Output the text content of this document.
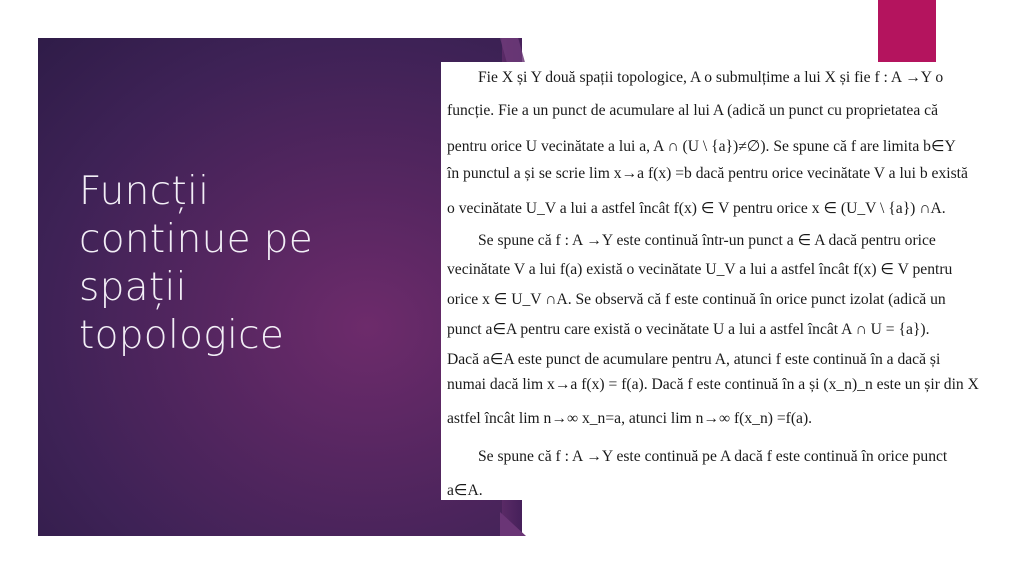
Funcții
continue pe
spații
topologice

Fie X și Y două spații topologice, A o submulțime a lui X și fie f : A →Y o

funcție. Fie a un punct de acumulare al lui A (adică un punct cu proprietatea că

pentru orice U vecinătate a lui a, A ∩ (U \ {a})≠∅). Se spune că f are limita b∈Y

în punctul a și se scrie lim x→a f(x) =b dacă pentru orice vecinătate V a lui b există

o vecinătate U_V a lui a astfel încât f(x) ∈ V pentru orice x ∈ (U_V \ {a}) ∩A.

Se spune că f : A →Y este continuă într-un punct a ∈ A dacă pentru orice

vecinătate V a lui f(a) există o vecinătate U_V a lui a astfel încât f(x) ∈ V pentru

orice x ∈ U_V ∩A. Se observă că f este continuă în orice punct izolat (adică un

punct a∈A pentru care există o vecinătate U a lui a astfel încât A ∩ U = {a}).

Dacă a∈A este punct de acumulare pentru A, atunci f este continuă în a dacă și

numai dacă lim x→a f(x) = f(a). Dacă f este continuă în a și (x_n)_n este un șir din X

astfel încât lim n→∞ x_n=a, atunci lim n→∞ f(x_n) =f(a).

Se spune că f : A →Y este continuă pe A dacă f este continuă în orice punct

a∈A.
